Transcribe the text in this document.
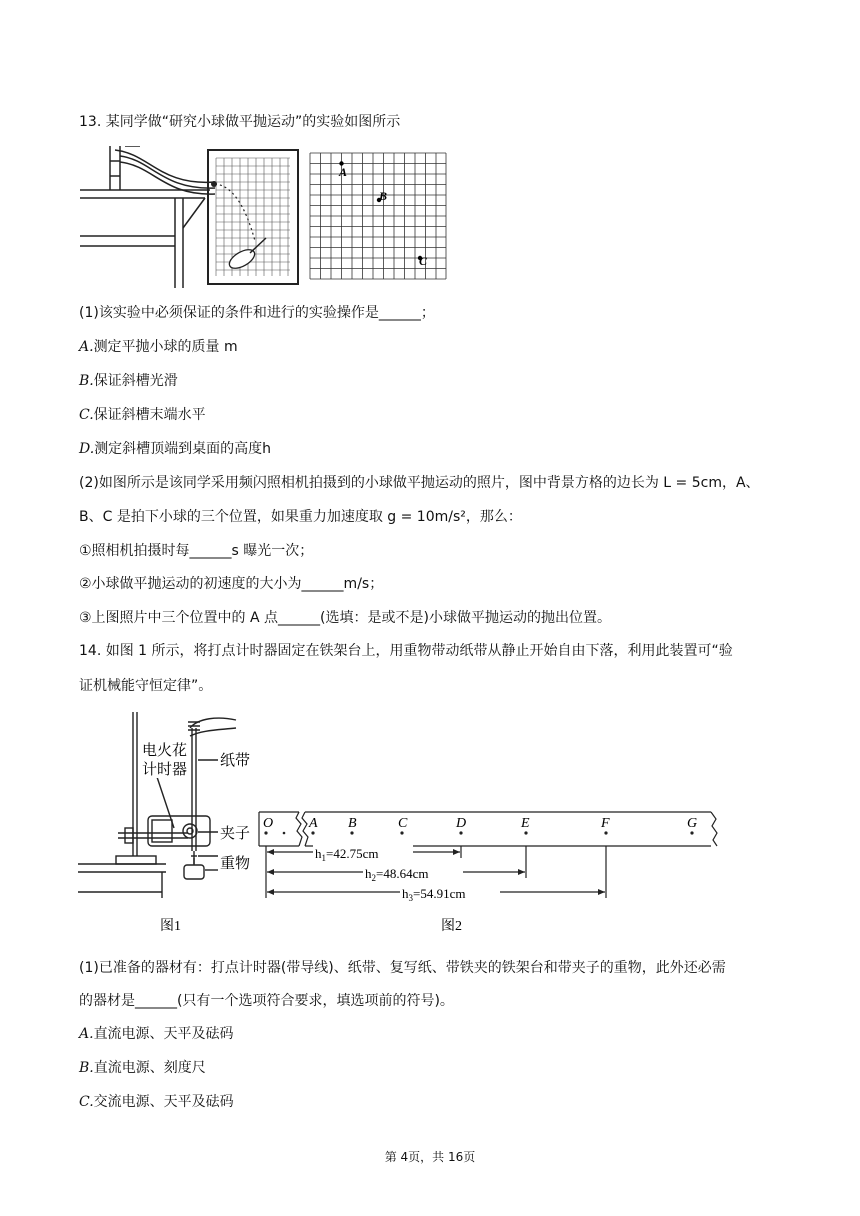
13. 某同学做“研究小球做平抛运动”的实验如图所示
A
B
C
(1)该实验中必须保证的条件和进行的实验操作是______；
A.测定平抛小球的质量 m
B.保证斜槽光滑
C.保证斜槽末端水平
D.测定斜槽顶端到桌面的高度h
(2)如图所示是该同学采用频闪照相机拍摄到的小球做平抛运动的照片，图中背景方格的边长为 L = 5cm，A、
B、C 是拍下小球的三个位置，如果重力加速度取 g = 10m/s²，那么：
①照相机拍摄时每______s 曝光一次；
②小球做平抛运动的初速度的大小为______m/s；
③上图照片中三个位置中的 A 点______(选填：是或不是)小球做平抛运动的抛出位置。
14. 如图 1 所示，将打点计时器固定在铁架台上，用重物带动纸带从静止开始自由下落，利用此装置可“验
证机械能守恒定律”。
电火花
计时器
纸带
夹子
重物
图1
O	A B	C	D	E	F	G
$h_1=42.75cm$
$h_2=48.64cm$
$h_3=54.91cm$
图2
(1)已准备的器材有：打点计时器(带导线)、纸带、复写纸、带铁夹的铁架台和带夹子的重物，此外还必需
的器材是______(只有一个选项符合要求，填选项前的符号)。
A.直流电源、天平及砝码
B.直流电源、刻度尺
C.交流电源、天平及砝码
第 4页，共 16页
